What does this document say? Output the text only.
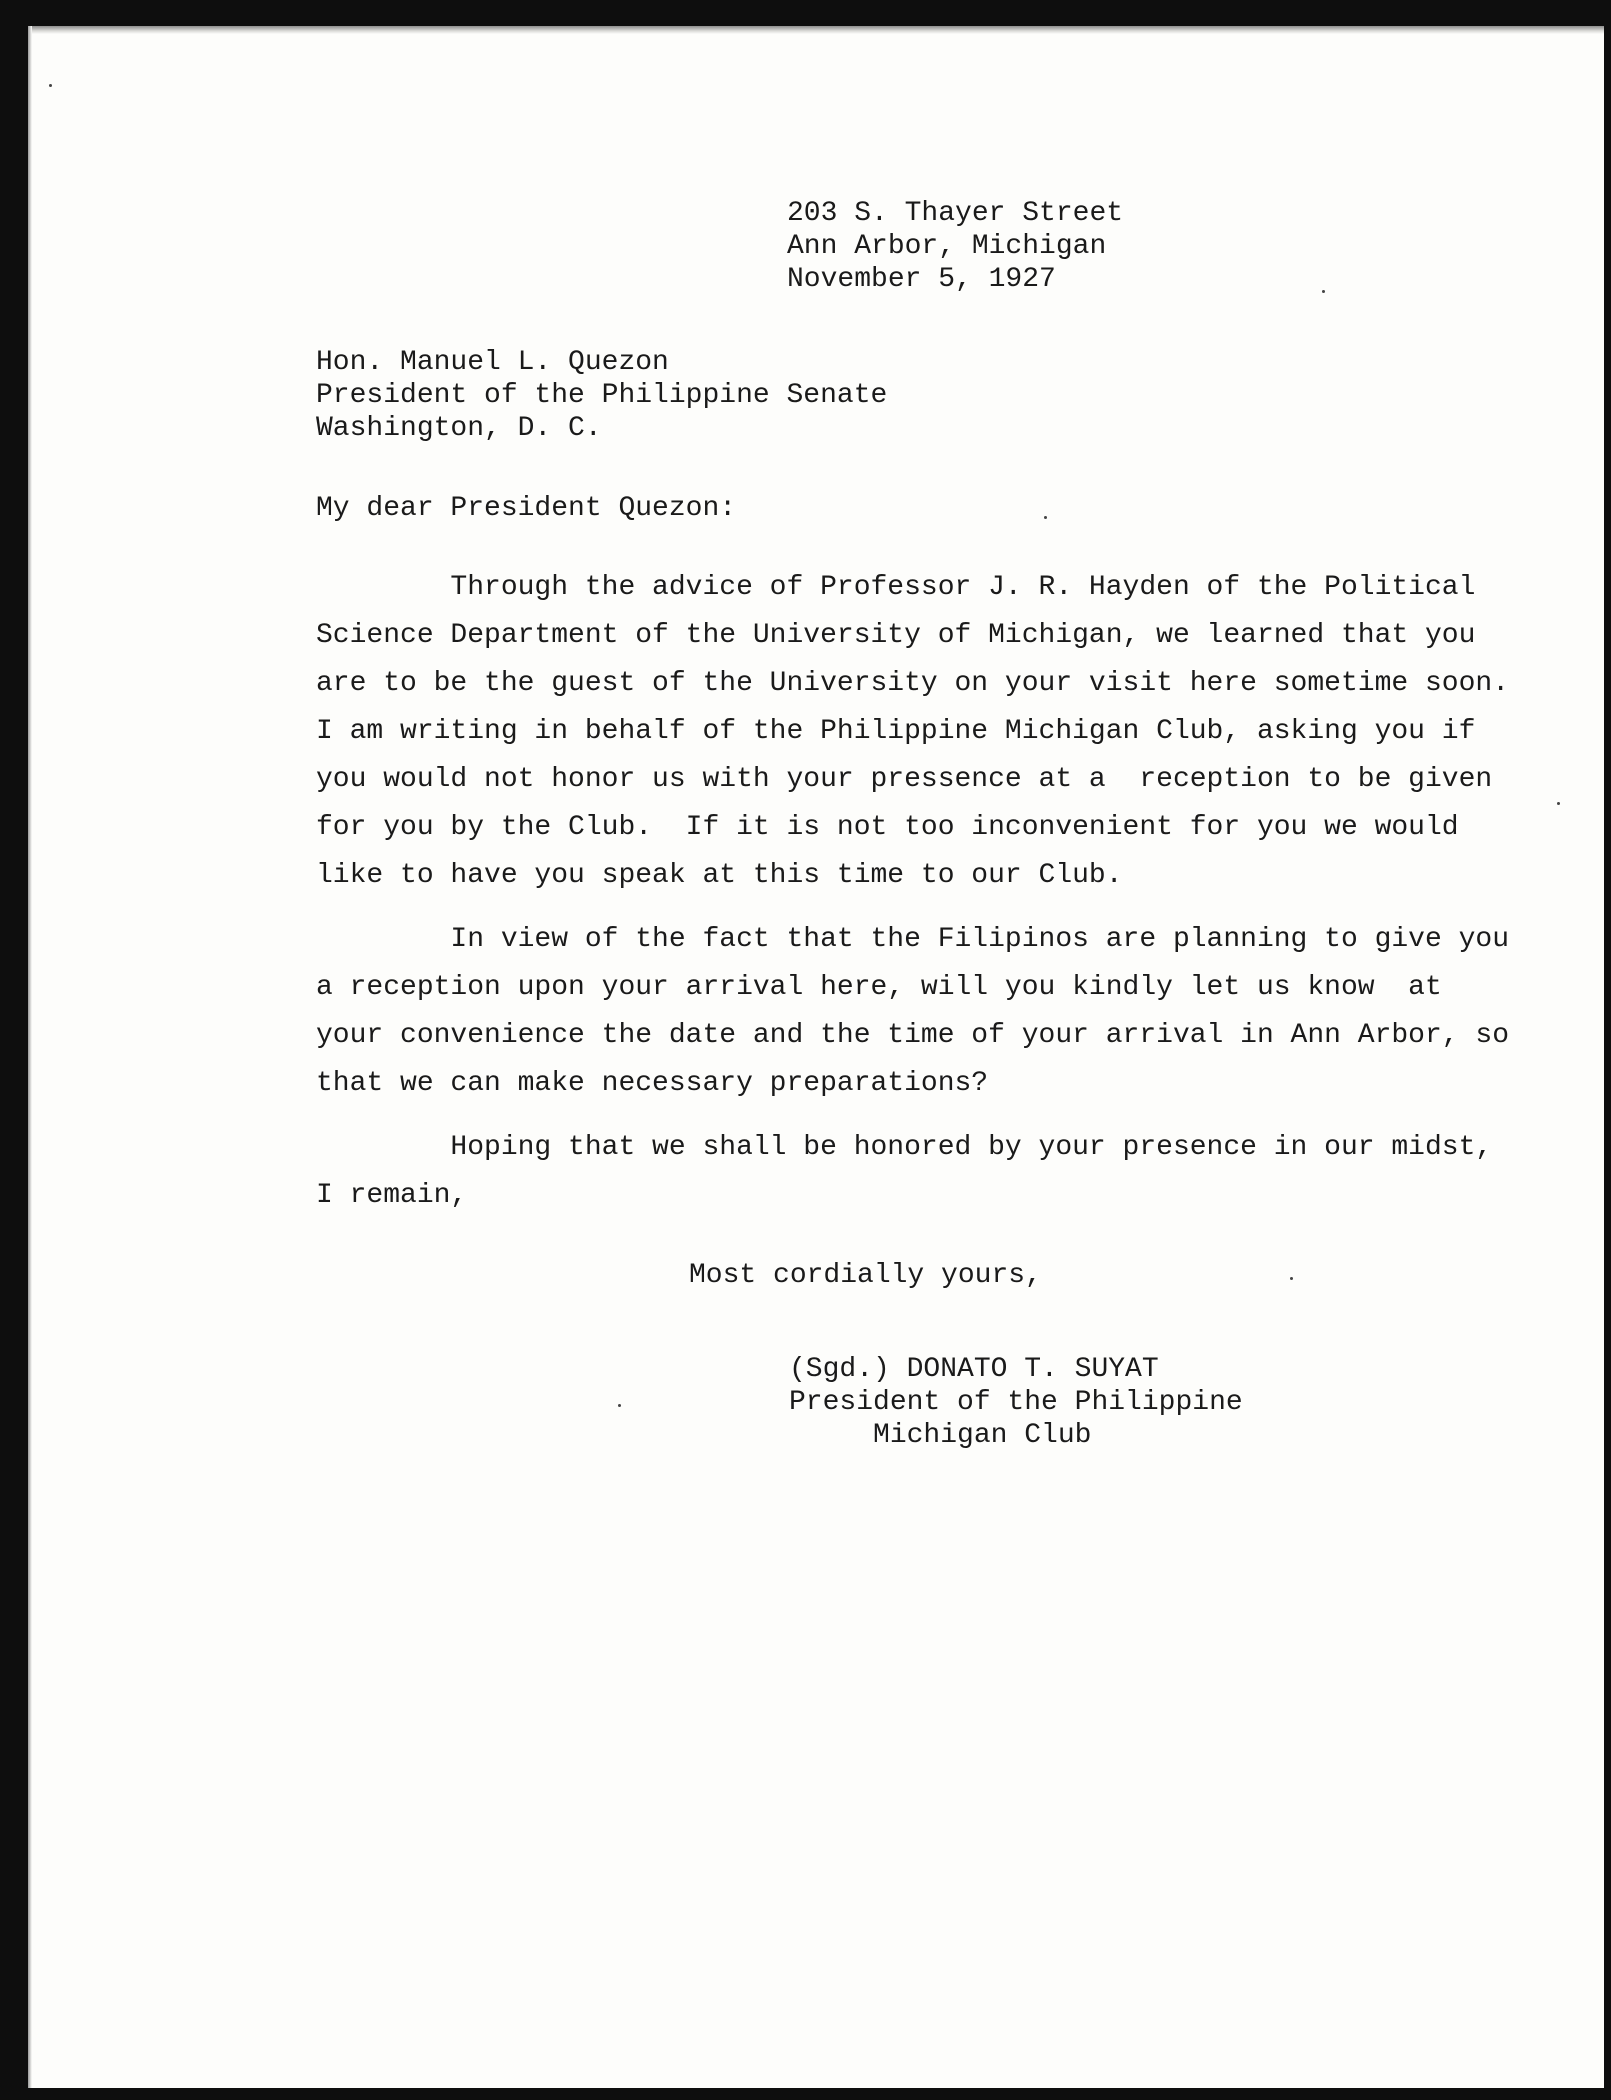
203 S. Thayer Street
Ann Arbor, Michigan
November 5, 1927
Hon. Manuel L. Quezon
President of the Philippine Senate
Washington, D. C.
My dear President Quezon:
Through the advice of Professor J. R. Hayden of the Political
Science Department of the University of Michigan, we learned that you
are to be the guest of the University on your visit here sometime soon.
I am writing in behalf of the Philippine Michigan Club, asking you if
you would not honor us with your pressence at a  reception to be given
for you by the Club.  If it is not too inconvenient for you we would
like to have you speak at this time to our Club.
In view of the fact that the Filipinos are planning to give you
a reception upon your arrival here, will you kindly let us know  at
your convenience the date and the time of your arrival in Ann Arbor, so
that we can make necessary preparations?
Hoping that we shall be honored by your presence in our midst,
I remain,
Most cordially yours,
(Sgd.) DONATO T. SUYAT
President of the Philippine
Michigan Club
